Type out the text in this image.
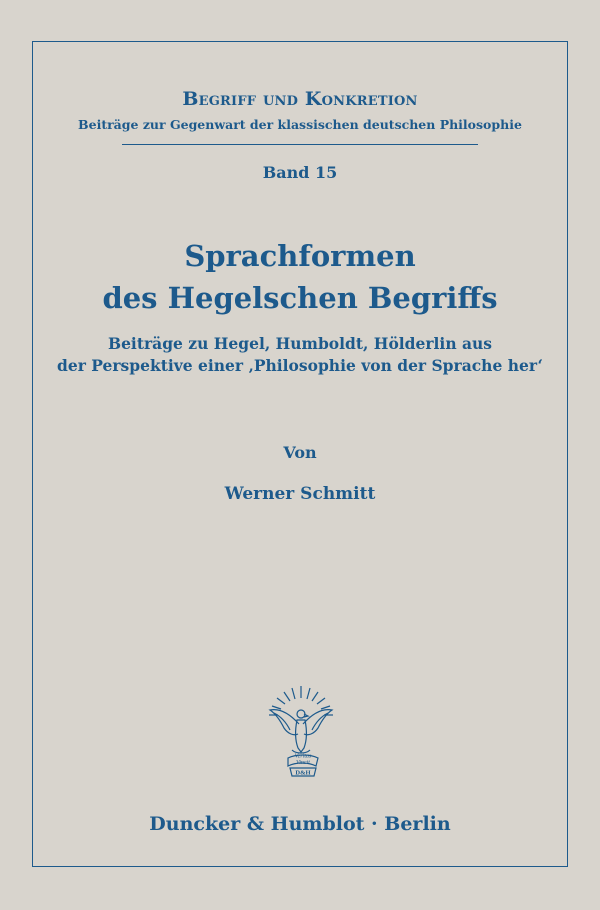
Begriff und Konkretion
Beiträge zur Gegenwart der klassischen deutschen Philosophie
Band 15
Sprachformen
des Hegelschen Begriffs
Beiträge zu Hegel, Humboldt, Hölderlin aus
der Perspektive einer ‚Philosophie von der Sprache her‘
Von
Werner Schmitt
Vincit
Veritas
D&H
Duncker & Humblot · Berlin
